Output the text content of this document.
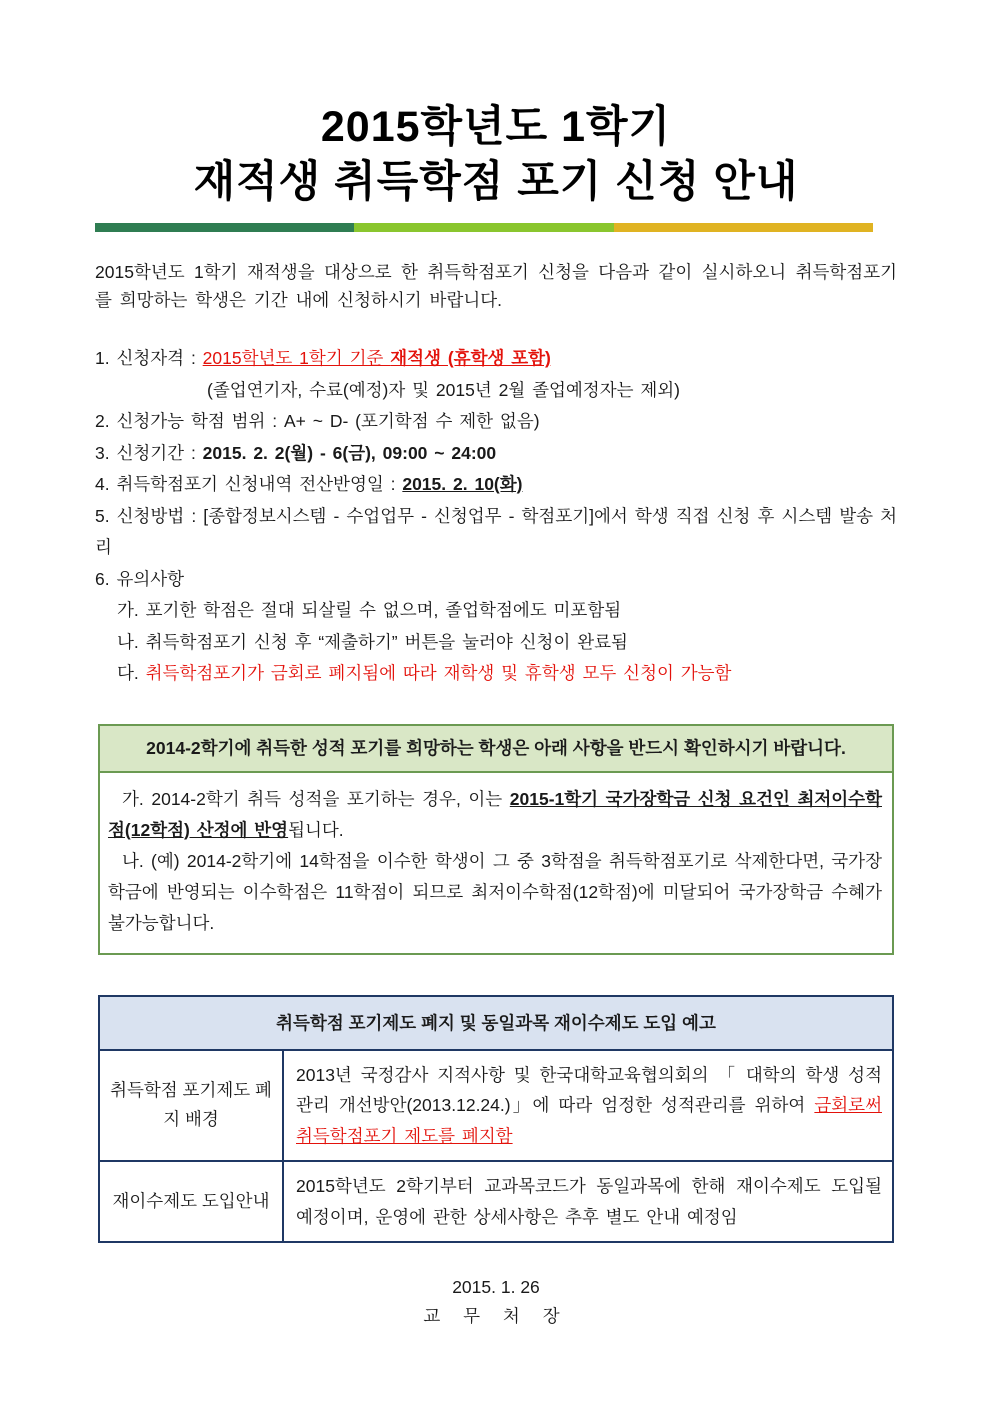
2015학년도 1학기
재적생 취득학점 포기 신청 안내

2015학년도 1학기 재적생을 대상으로 한 취득학점포기 신청을 다음과 같이 실시하오니 취득학점포기를 희망하는 학생은 기간 내에 신청하시기 바랍니다.

1. 신청자격 : 2015학년도 1학기 기준 재적생 (휴학생 포함)
(졸업연기자, 수료(예정)자 및 2015년 2월 졸업예정자는 제외)
2. 신청가능 학점 범위 : A+ ~ D- (포기학점 수 제한 없음)
3. 신청기간 : 2015. 2. 2(월) - 6(금), 09:00 ~ 24:00
4. 취득학점포기 신청내역 전산반영일 : 2015. 2. 10(화)
5. 신청방법 : [종합정보시스템 - 수업업무 - 신청업무 - 학점포기]에서 학생 직접 신청 후 시스템 발송 처리
6. 유의사항
가. 포기한 학점은 절대 되살릴 수 없으며, 졸업학점에도 미포함됨
나. 취득학점포기 신청 후 “제출하기” 버튼을 눌러야 신청이 완료됨
다. 취득학점포기가 금회로 폐지됨에 따라 재학생 및 휴학생 모두 신청이 가능함
2014-2학기에 취득한 성적 포기를 희망하는 학생은 아래 사항을 반드시 확인하시기 바랍니다.

가. 2014-2학기 취득 성적을 포기하는 경우, 이는 2015-1학기 국가장학금 신청 요건인 최저이수학점(12학점) 산정에 반영됩니다.

나. (예) 2014-2학기에 14학점을 이수한 학생이 그 중 3학점을 취득학점포기로 삭제한다면, 국가장학금에 반영되는 이수학점은 11학점이 되므로 최저이수학점(12학점)에 미달되어 국가장학금 수혜가 불가능합니다.

취득학점 포기제도 폐지 및 동일과목 재이수제도 도입 예고
취득학점 포기제도 폐지 배경
2013년 국정감사 지적사항 및 한국대학교육협의회의 「 대학의 학생 성적 관리 개선방안(2013.12.24.)」에 따라 엄정한 성적관리를 위하여 금회로써 취득학점포기 제도를 폐지함
재이수제도 도입안내
2015학년도 2학기부터 교과목코드가 동일과목에 한해 재이수제도 도입될 예정이며, 운영에 관한 상세사항은 추후 별도 안내 예정임
2015. 1. 26
교 무 처 장
